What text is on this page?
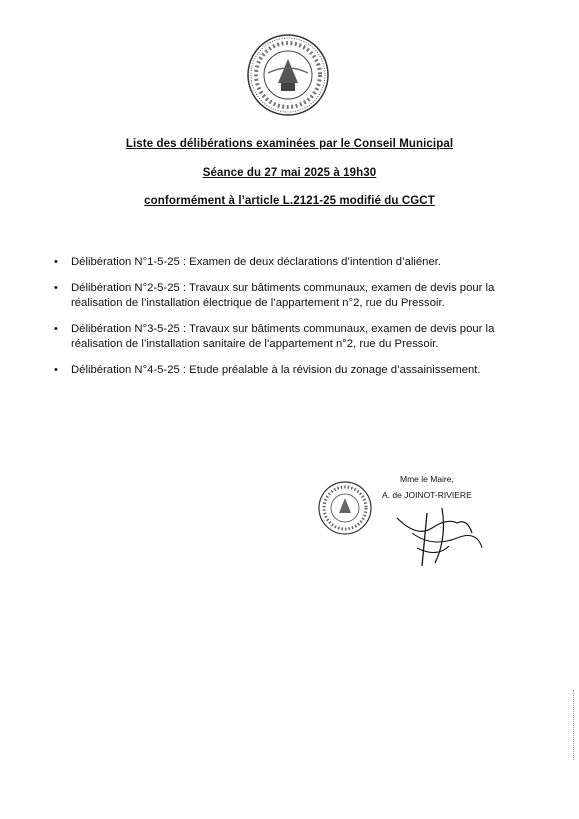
Liste des délibérations examinées par le Conseil Municipal
Séance du 27 mai 2025 à 19h30
conformément à l’article L.2121-25 modifié du CGCT
• Délibération N°1-5-25 : Examen de deux déclarations d’intention d’aliéner.
• Délibération N°2-5-25 : Travaux sur bâtiments communaux, examen de devis pour la réalisation de l’installation électrique de l’appartement n°2, rue du Pressoir.
• Délibération N°3-5-25 : Travaux sur bâtiments communaux, examen de devis pour la réalisation de l’installation sanitaire de l’appartement n°2, rue du Pressoir.
• Délibération N°4-5-25 : Etude préalable à la révision du zonage d’assainissement.
Mme le Maire,
A. de JOINOT-RIVIERE
